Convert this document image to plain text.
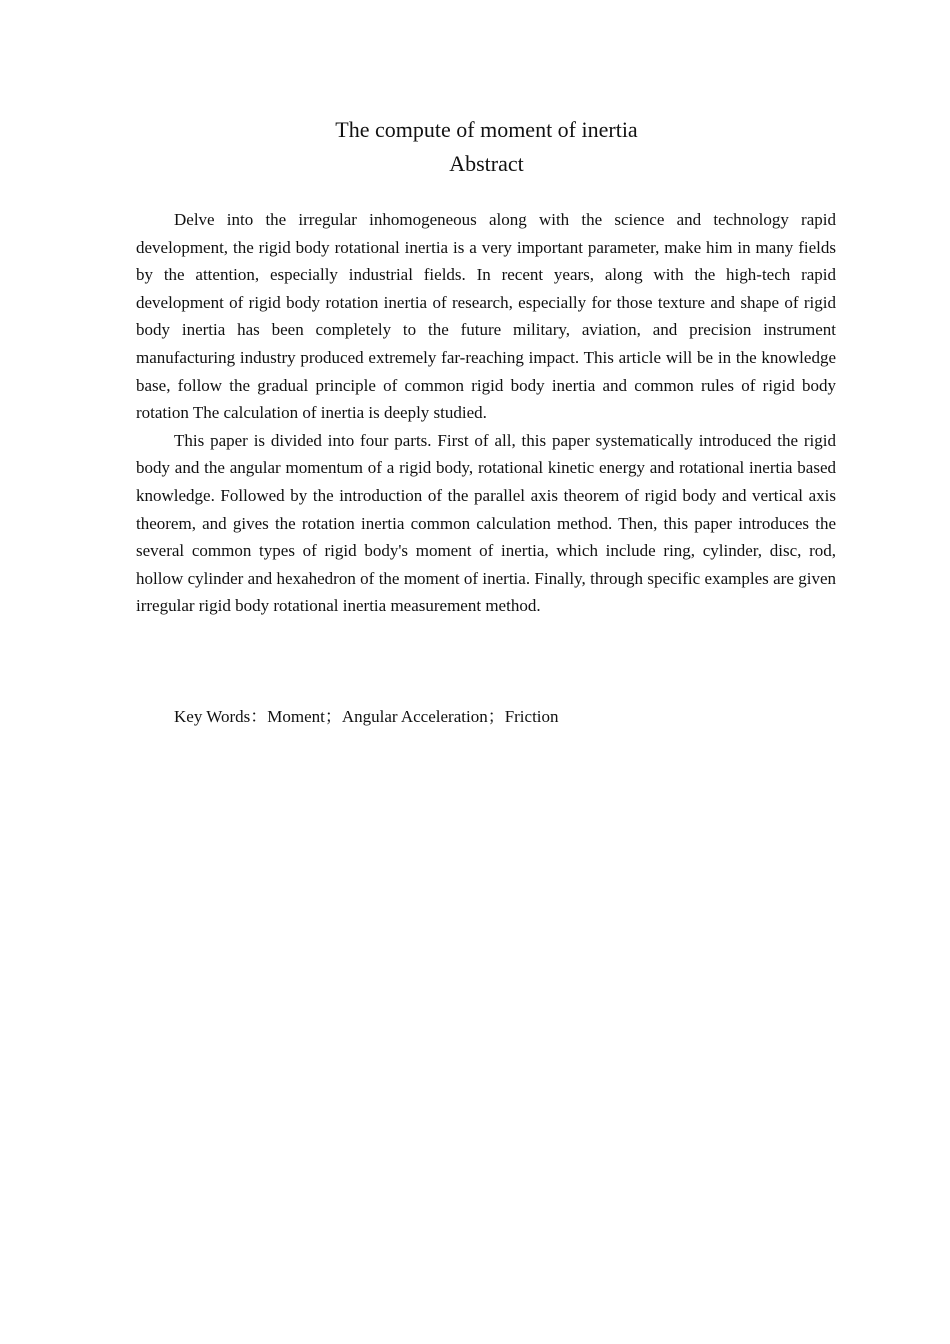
The compute of moment of inertia
Abstract

Delve into the irregular inhomogeneous along with the science and technology rapid development, the rigid body rotational inertia is a very important parameter, make him in many fields by the attention, especially industrial fields. In recent years, along with the high-tech rapid development of rigid body rotation inertia of research, especially for those texture and shape of rigid body inertia has been completely to the future military, aviation, and precision instrument manufacturing industry produced extremely far-reaching impact. This article will be in the knowledge base, follow the gradual principle of common rigid body inertia and common rules of rigid body rotation The calculation of inertia is deeply studied.

This paper is divided into four parts. First of all, this paper systematically introduced the rigid body and the angular momentum of a rigid body, rotational kinetic energy and rotational inertia based knowledge. Followed by the introduction of the parallel axis theorem of rigid body and vertical axis theorem, and gives the rotation inertia common calculation method. Then, this paper introduces the several common types of rigid body's moment of inertia, which include ring, cylinder, disc, rod, hollow cylinder and hexahedron of the moment of inertia. Finally, through specific examples are given irregular rigid body rotational inertia measurement method.

Key Words：Moment；Angular Acceleration；Friction
